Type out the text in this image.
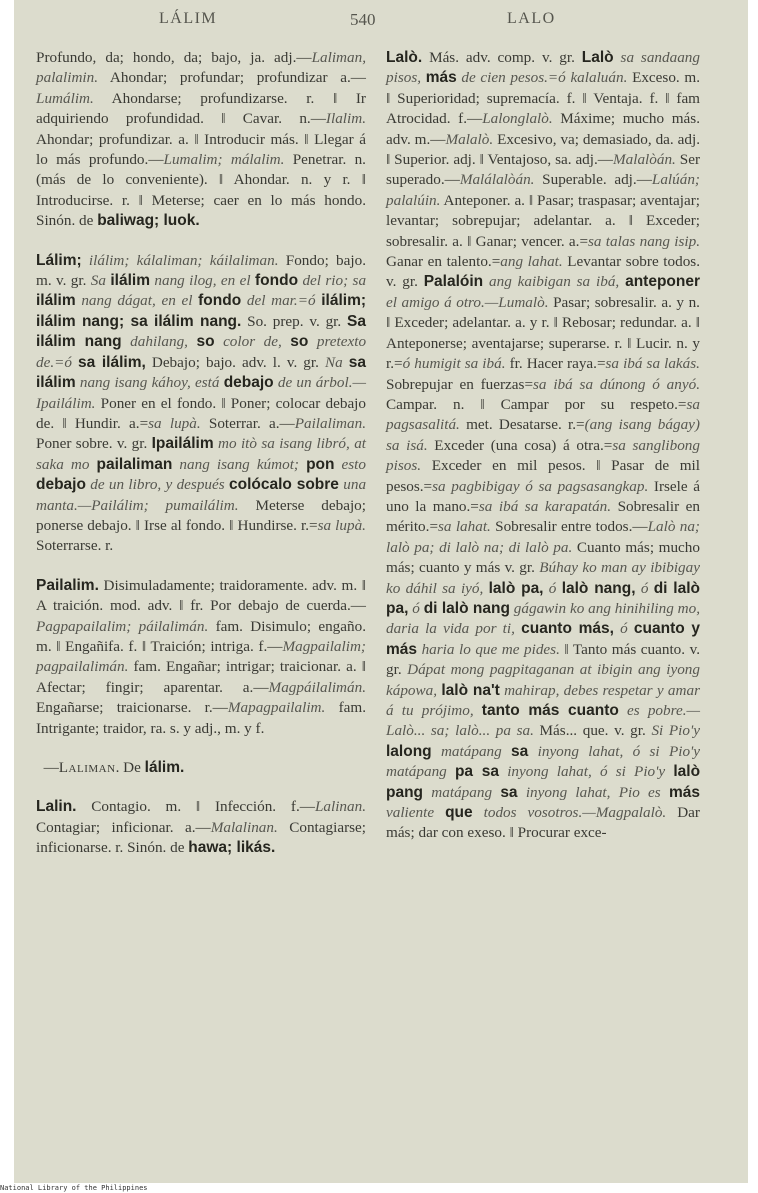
LÁLIM	540	LALO

Profundo, da; hondo, da; bajo, ja. adj.—Laliman, palalimin. Ahondar; profundar; profundizar a.—Lumálim. Ahondarse; profundizarse. r. ‖ Ir adquiriendo profundidad. ‖ Cavar. n.—Ilalim. Ahondar; profundizar. a. ‖ Introducir más. ‖ Llegar á lo más profundo.—Lumalim; málalim. Penetrar. n. (más de lo conveniente). ‖ Ahondar. n. y r. ‖ Introducirse. r. ‖ Meterse; caer en lo más hondo. Sinón. de baliwag; luok.

Lálim; ilálim; kálaliman; káilaliman. Fondo; bajo. m. v. gr. Sa ilálim nang ilog, en el fondo del rio; sa ilálim nang dágat, en el fondo del mar.=ó ilálim; ilálim nang; sa ilálim nang. So. prep. v. gr. Sa ilálim nang dahilang, so color de, so pretexto de.=ó sa ilálim, Debajo; bajo. adv. l. v. gr. Na sa ilálim nang isang káhoy, está debajo de un árbol.—Ipailálim. Poner en el fondo. ‖ Poner; colocar debajo de. ‖ Hundir. a.=sa lupà. Soterrar. a.—Pailaliman. Poner sobre. v. gr. Ipailálim mo itò sa isang libró, at saka mo pailaliman nang isang kúmot; pon esto debajo de un libro, y después colócalo sobre una manta.—Pailálim; pumailálim. Meterse debajo; ponerse debajo. ‖ Irse al fondo. ‖ Hundirse. r.=sa lupà. Soterrarse. r.

Pailalim. Disimuladamente; traidoramente. adv. m. ‖ A traición. mod. adv. ‖ fr. Por debajo de cuerda.—Pagpapailalim; páilalimán. fam. Disimulo; engaño. m. ‖ Engañifa. f. ‖ Traición; intriga. f.—Magpailalim; pagpailalimán. fam. Engañar; intrigar; traicionar. a. ‖ Afectar; fingir; aparentar. a.—Magpáilalimán. Engañarse; traicionarse. r.—Mapagpailalim. fam. Intrigante; traidor, ra. s. y adj., m. y f.

—Laliman. De lálim.

Lalin. Contagio. m. ‖ Infección. f.—Lalinan. Contagiar; inficionar. a.—Malalinan. Contagiarse; inficionarse. r. Sinón. de hawa; likás.

Lalò. Más. adv. comp. v. gr. Lalò sa sandaang pisos, más de cien pesos.=ó kalaluán. Exceso. m. ‖ Superioridad; supremacía. f. ‖ Ventaja. f. ‖ fam Atrocidad. f.—Lalonglalò. Máxime; mucho más. adv. m.—Malalò. Excesivo, va; demasiado, da. adj. ‖ Superior. adj. ‖ Ventajoso, sa. adj.—Malalòán. Ser superado.—Malálalòán. Superable. adj.—Lalúán; palalúin. Anteponer. a. ‖ Pasar; traspasar; aventajar; levantar; sobrepujar; adelantar. a. ‖ Exceder; sobresalir. a. ‖ Ganar; vencer. a.=sa talas nang isip. Ganar en talento.=ang lahat. Levantar sobre todos. v. gr. Palalóin ang kaibigan sa ibá, anteponer el amigo á otro.—Lumalò. Pasar; sobresalir. a. y n. ‖ Exceder; adelantar. a. y r. ‖ Rebosar; redundar. a. ‖ Anteponerse; aventajarse; superarse. r. ‖ Lucir. n. y r.=ó humigit sa ibá. fr. Hacer raya.=sa ibá sa lakás. Sobrepujar en fuerzas=sa ibá sa dúnong ó anyó. Campar. n. ‖ Campar por su respeto.=sa pagsasalitá. met. Desatarse. r.=(ang isang bágay) sa isá. Exceder (una cosa) á otra.=sa sanglibong pisos. Exceder en mil pesos. ‖ Pasar de mil pesos.=sa pagbibigay ó sa pagsasangkap. Irsele á uno la mano.=sa ibá sa karapatán. Sobresalir en mérito.=sa lahat. Sobresalir entre todos.—Lalò na; lalò pa; di lalò na; di lalò pa. Cuanto más; mucho más; cuanto y más v. gr. Búhay ko man ay ibibigay ko dáhil sa iyó, lalò pa, ó lalò nang, ó di lalò pa, ó di lalò nang gágawin ko ang hinihiling mo, daria la vida por ti, cuanto más, ó cuanto y más haria lo que me pides. ‖ Tanto más cuanto. v. gr. Dápat mong pagpitaganan at ibigin ang iyong kápowa, lalò na't mahirap, debes respetar y amar á tu prójimo, tanto más cuanto es pobre.—Lalò... sa; lalò... pa sa. Más... que. v. gr. Si Pio'y lalong matápang sa inyong lahat, ó si Pio'y matápang pa sa inyong lahat, ó si Pio'y lalò pang matápang sa inyong lahat, Pio es más valiente que todos vosotros.—Magpalalò. Dar más; dar con exeso. ‖ Procurar exce-

National Library of the Philippines
